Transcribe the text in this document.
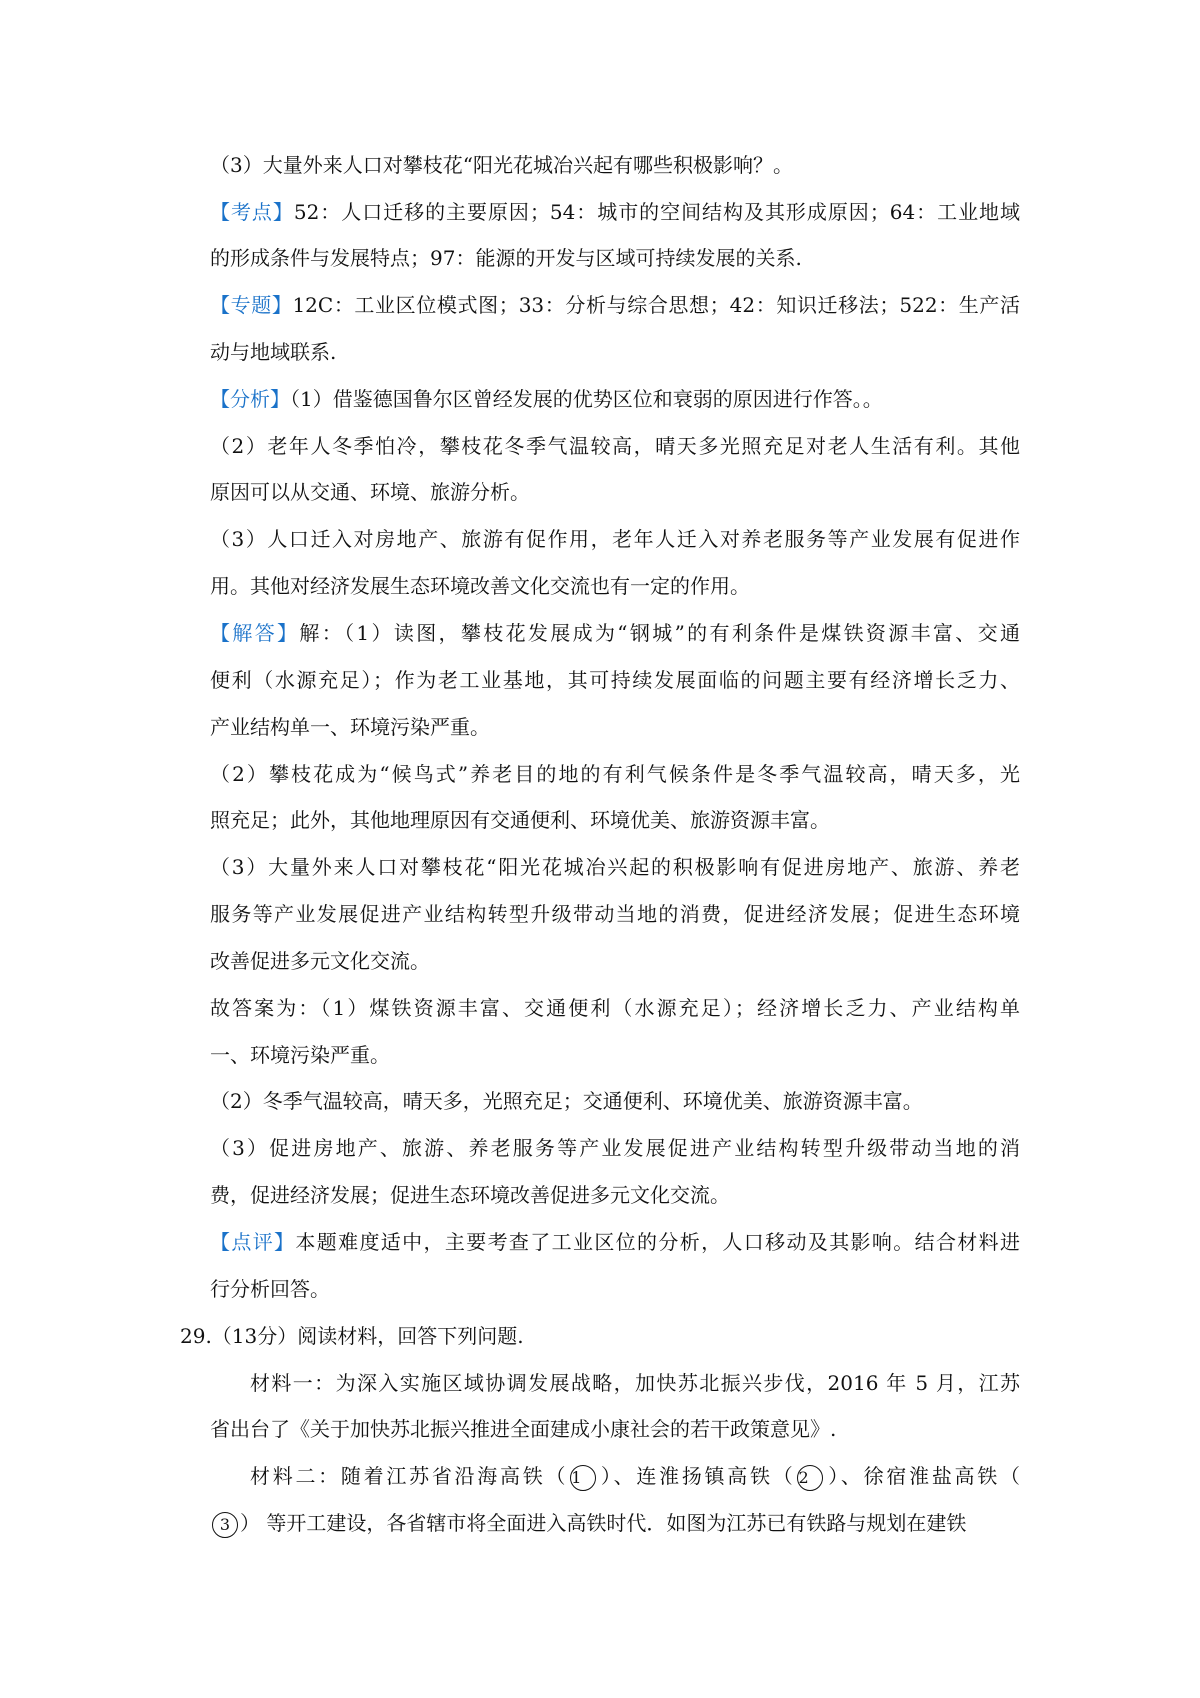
（3）大量外来人口对攀枝花“阳光花城冶兴起有哪些积极影响？。
【考点】52：人口迁移的主要原因；54：城市的空间结构及其形成原因；64：工业地域
的形成条件与发展特点；97：能源的开发与区域可持续发展的关系.
【专题】12C：工业区位模式图；33：分析与综合思想；42：知识迁移法；522：生产活
动与地域联系.
【分析】（1）借鉴德国鲁尔区曾经发展的优势区位和衰弱的原因进行作答。。
（2）老年人冬季怕冷，攀枝花冬季气温较高，晴天多光照充足对老人生活有利。其他
原因可以从交通、环境、旅游分析。
（3）人口迁入对房地产、旅游有促作用，老年人迁入对养老服务等产业发展有促进作
用。其他对经济发展生态环境改善文化交流也有一定的作用。
【解答】解：（1）读图，攀枝花发展成为“钢城”的有利条件是煤铁资源丰富、交通
便利（水源充足）；作为老工业基地，其可持续发展面临的问题主要有经济增长乏力、
产业结构单一、环境污染严重。
（2）攀枝花成为“候鸟式”养老目的地的有利气候条件是冬季气温较高，晴天多，光
照充足；此外，其他地理原因有交通便利、环境优美、旅游资源丰富。
（3）大量外来人口对攀枝花“阳光花城冶兴起的积极影响有促进房地产、旅游、养老
服务等产业发展促进产业结构转型升级带动当地的消费，促进经济发展；促进生态环境
改善促进多元文化交流。
故答案为：（1）煤铁资源丰富、交通便利（水源充足）；经济增长乏力、产业结构单
一、环境污染严重。
（2）冬季气温较高，晴天多，光照充足；交通便利、环境优美、旅游资源丰富。
（3）促进房地产、旅游、养老服务等产业发展促进产业结构转型升级带动当地的消
费，促进经济发展；促进生态环境改善促进多元文化交流。
【点评】本题难度适中，主要考查了工业区位的分析，人口移动及其影响。结合材料进
行分析回答。
29.（13分）阅读材料，回答下列问题.
材料一：为深入实施区域协调发展战略，加快苏北振兴步伐，2016 年 5 月，江苏
省出台了《关于加快苏北振兴推进全面建成小康社会的若干政策意见》.
材料二：随着江苏省沿海高铁（ 1 ）、连淮扬镇高铁（ 2 ）、徐宿淮盐高铁（
3 ） 等开工建设，各省辖市将全面进入高铁时代．如图为江苏已有铁路与规划在建铁
